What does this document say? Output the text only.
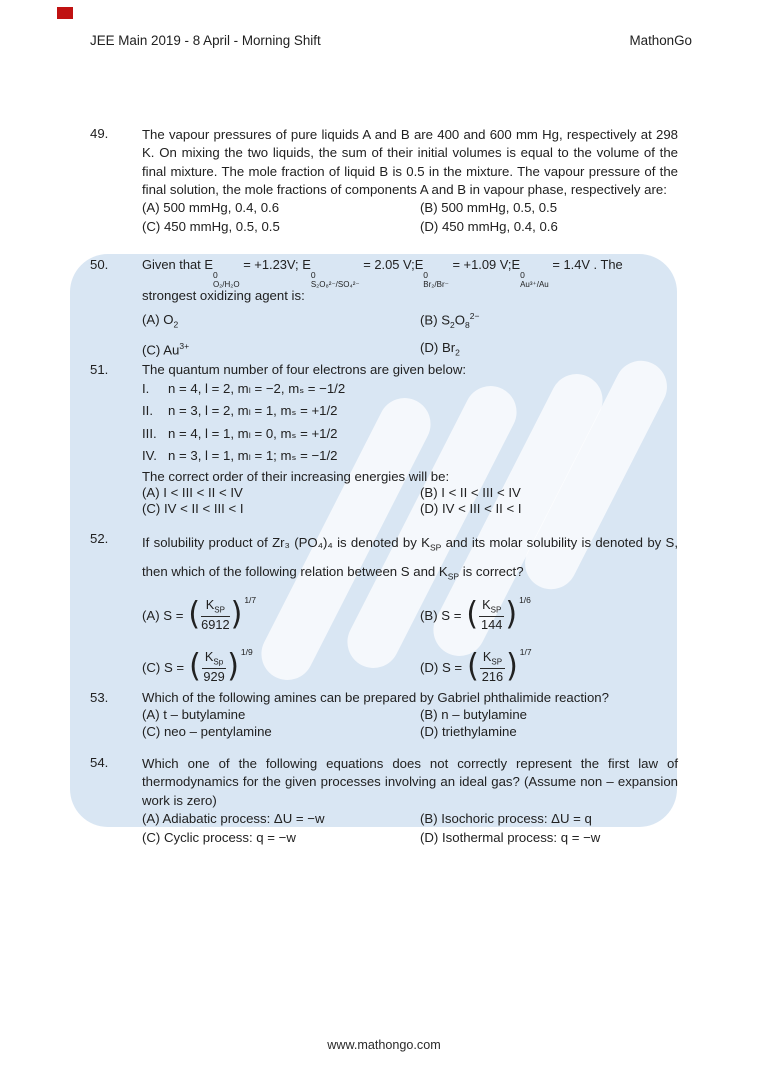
JEE Main 2019 - 8 April - Morning Shift	MathonGo
49.	The vapour pressures of pure liquids A and B are 400 and 600 mm Hg, respectively at 298 K. On mixing the two liquids, the sum of their initial volumes is equal to the volume of the final mixture. The mole fraction of liquid B is 0.5 in the mixture. The vapour pressure of the final solution, the mole fractions of components A and B in vapour phase, respectively are:

(A) 500 mmHg, 0.4, 0.6	(B) 500 mmHg, 0.5, 0.5
(C) 450 mmHg, 0.5, 0.5	(D) 450 mmHg, 0.4, 0.6
50.	Given that E
0
O₂/H₂O
= +1.23V; E
0
S₂O₈²⁻/SO₄²⁻
= 2.05 V;E
0
Br₂/Br⁻
= +1.09 V;E
0
Au³⁺/Au
= 1.4V . The

strongest oxidizing agent is:

(A) $O_2$	(B) $S_2O_8^{2-}$
(C) $Au^{3+}$	(D) $Br_2$
51.	The quantum number of four electrons are given below:

I. n = 4, l = 2, mₗ = −2, mₛ = −1/2

II. n = 3, l = 2, mₗ = 1, mₛ = +1/2

III. n = 4, l = 1, mₗ = 0, mₛ = +1/2

IV. n = 3, l = 1, mₗ = 1; mₛ = −1/2

The correct order of their increasing energies will be:

(A) I < III < II < IV	(B) I < II < III < IV
(C) IV < II < III < I	(D) IV < III < II < I
52.	If solubility product of Zr₃ (PO₄)₄ is denoted by $K_{SP}$ and its molar solubility is denoted by S, then which of the following relation between S and $K_{SP}$ is correct?

(A) S = ( $\frac{K_{SP}}{6912}$ ) 1/7
(B) S = ( $\frac{K_{SP}}{144}$ ) 1/6
(C) S = ( $\frac{K_{Sp}}{929}$ ) 1/9
(D) S = ( $\frac{K_{SP}}{216}$ ) 1/7
53.	Which of the following amines can be prepared by Gabriel phthalimide reaction?

(A) t – butylamine	(B) n – butylamine
(C) neo – pentylamine	(D) triethylamine
54.	Which one of the following equations does not correctly represent the first law of thermodynamics for the given processes involving an ideal gas? (Assume non – expansion work is zero)

(A) Adiabatic process: ΔU = −w	(B) Isochoric process: ΔU = q
(C) Cyclic process: q = −w	(D) Isothermal process: q = −w
www.mathongo.com
